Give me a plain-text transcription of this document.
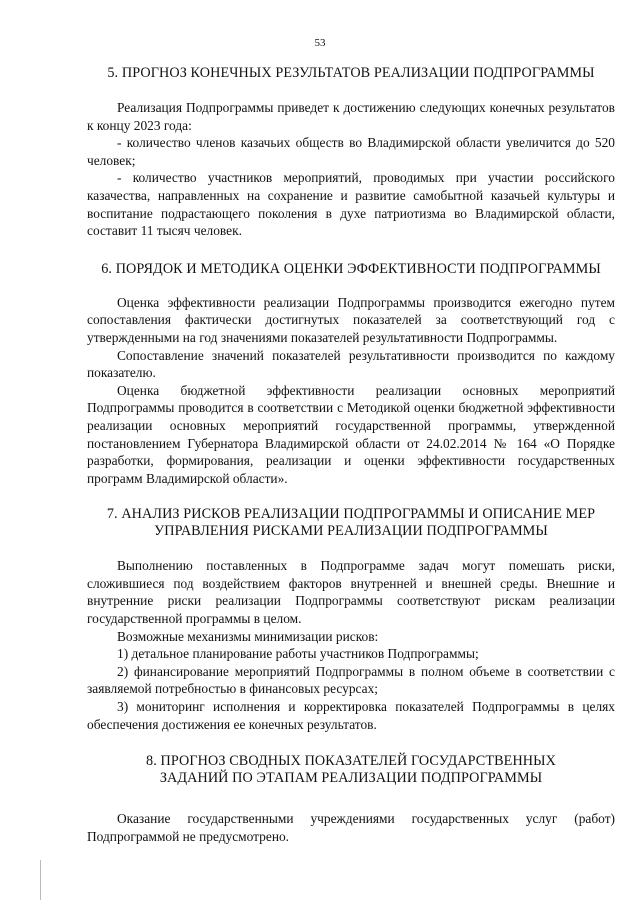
53
5. ПРОГНОЗ КОНЕЧНЫХ РЕЗУЛЬТАТОВ РЕАЛИЗАЦИИ ПОДПРОГРАММЫ

Реализация Подпрограммы приведет к достижению следующих конечных результатов к концу 2023 года:

- количество членов казачьих обществ во Владимирской области увеличится до 520 человек;

- количество участников мероприятий, проводимых при участии российского казачества, направленных на сохранение и развитие самобытной казачьей культуры и воспитание подрастающего поколения в духе патриотизма во Владимирской области, составит 11 тысяч человек.

6. ПОРЯДОК И МЕТОДИКА ОЦЕНКИ ЭФФЕКТИВНОСТИ ПОДПРОГРАММЫ

Оценка эффективности реализации Подпрограммы производится ежегодно путем сопоставления фактически достигнутых показателей за соответствующий год с утвержденными на год значениями показателей результативности Подпрограммы.

Сопоставление значений показателей результативности производится по каждому показателю.

Оценка бюджетной эффективности реализации основных мероприятий Подпрограммы проводится в соответствии с Методикой оценки бюджетной эффективности реализации основных мероприятий государственной программы, утвержденной постановлением Губернатора Владимирской области от 24.02.2014 № 164 «О Порядке разработки, формирования, реализации и оценки эффективности государственных программ Владимирской области».

7. АНАЛИЗ РИСКОВ РЕАЛИЗАЦИИ ПОДПРОГРАММЫ И ОПИСАНИЕ МЕР
УПРАВЛЕНИЯ РИСКАМИ РЕАЛИЗАЦИИ ПОДПРОГРАММЫ

Выполнению поставленных в Подпрограмме задач могут помешать риски, сложившиеся под воздействием факторов внутренней и внешней среды. Внешние и внутренние риски реализации Подпрограммы соответствуют рискам реализации государственной программы в целом.

Возможные механизмы минимизации рисков:

1) детальное планирование работы участников Подпрограммы;

2) финансирование мероприятий Подпрограммы в полном объеме в соответствии с заявляемой потребностью в финансовых ресурсах;

3) мониторинг исполнения и корректировка показателей Подпрограммы в целях обеспечения достижения ее конечных результатов.

8. ПРОГНОЗ СВОДНЫХ ПОКАЗАТЕЛЕЙ ГОСУДАРСТВЕННЫХ
ЗАДАНИЙ ПО ЭТАПАМ РЕАЛИЗАЦИИ ПОДПРОГРАММЫ

Оказание государственными учреждениями государственных услуг (работ) Подпрограммой не предусмотрено.
